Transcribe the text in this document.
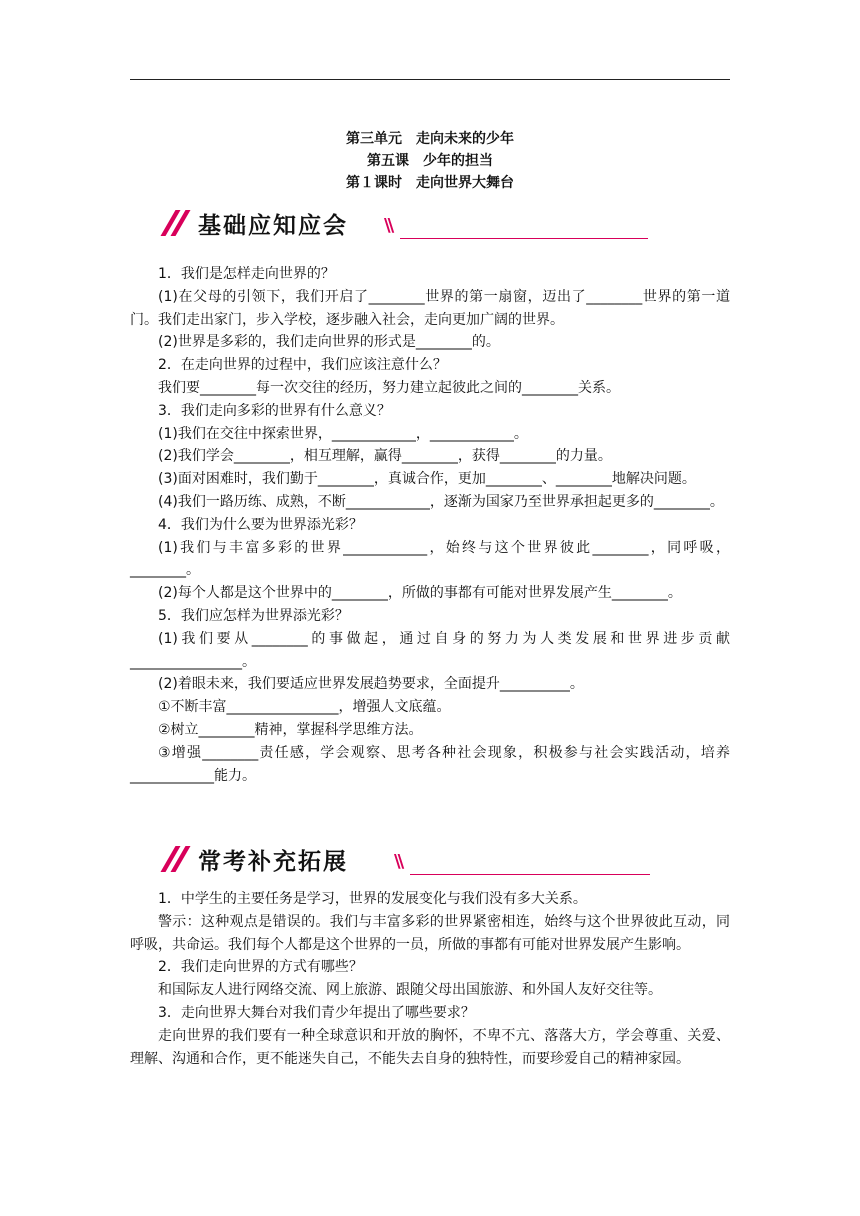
第三单元　走向未来的少年
第五课　少年的担当
第１课时　走向世界大舞台
基础应知应会 \\

1．我们是怎样走向世界的？

(1)在父母的引领下，我们开启了________世界的第一扇窗，迈出了________世界的第一道门。我们走出家门，步入学校，逐步融入社会，走向更加广阔的世界。

(2)世界是多彩的，我们走向世界的形式是________的。

2．在走向世界的过程中，我们应该注意什么？

我们要________每一次交往的经历，努力建立起彼此之间的________关系。

3．我们走向多彩的世界有什么意义？

(1)我们在交往中探索世界，____________，____________。

(2)我们学会________，相互理解，赢得________，获得________的力量。

(3)面对困难时，我们勤于________，真诚合作，更加________、________地解决问题。

(4)我们一路历练、成熟，不断____________，逐渐为国家乃至世界承担起更多的________。

4．我们为什么要为世界添光彩？

(1)我们与丰富多彩的世界____________，始终与这个世界彼此________，同呼吸，________。

(2)每个人都是这个世界中的________，所做的事都有可能对世界发展产生________。

5．我们应怎样为世界添光彩？

(1)我们要从________的事做起，通过自身的努力为人类发展和世界进步贡献________________。

(2)着眼未来，我们要适应世界发展趋势要求，全面提升__________。

①不断丰富________________，增强人文底蕴。

②树立________精神，掌握科学思维方法。

③增强________责任感，学会观察、思考各种社会现象，积极参与社会实践活动，培养____________能力。

常考补充拓展	\\

1．中学生的主要任务是学习，世界的发展变化与我们没有多大关系。

警示：这种观点是错误的。我们与丰富多彩的世界紧密相连，始终与这个世界彼此互动，同呼吸，共命运。我们每个人都是这个世界的一员，所做的事都有可能对世界发展产生影响。

2．我们走向世界的方式有哪些？

和国际友人进行网络交流、网上旅游、跟随父母出国旅游、和外国人友好交往等。

3．走向世界大舞台对我们青少年提出了哪些要求？

走向世界的我们要有一种全球意识和开放的胸怀，不卑不亢、落落大方，学会尊重、关爱、理解、沟通和合作，更不能迷失自己，不能失去自身的独特性，而要珍爱自己的精神家园。
